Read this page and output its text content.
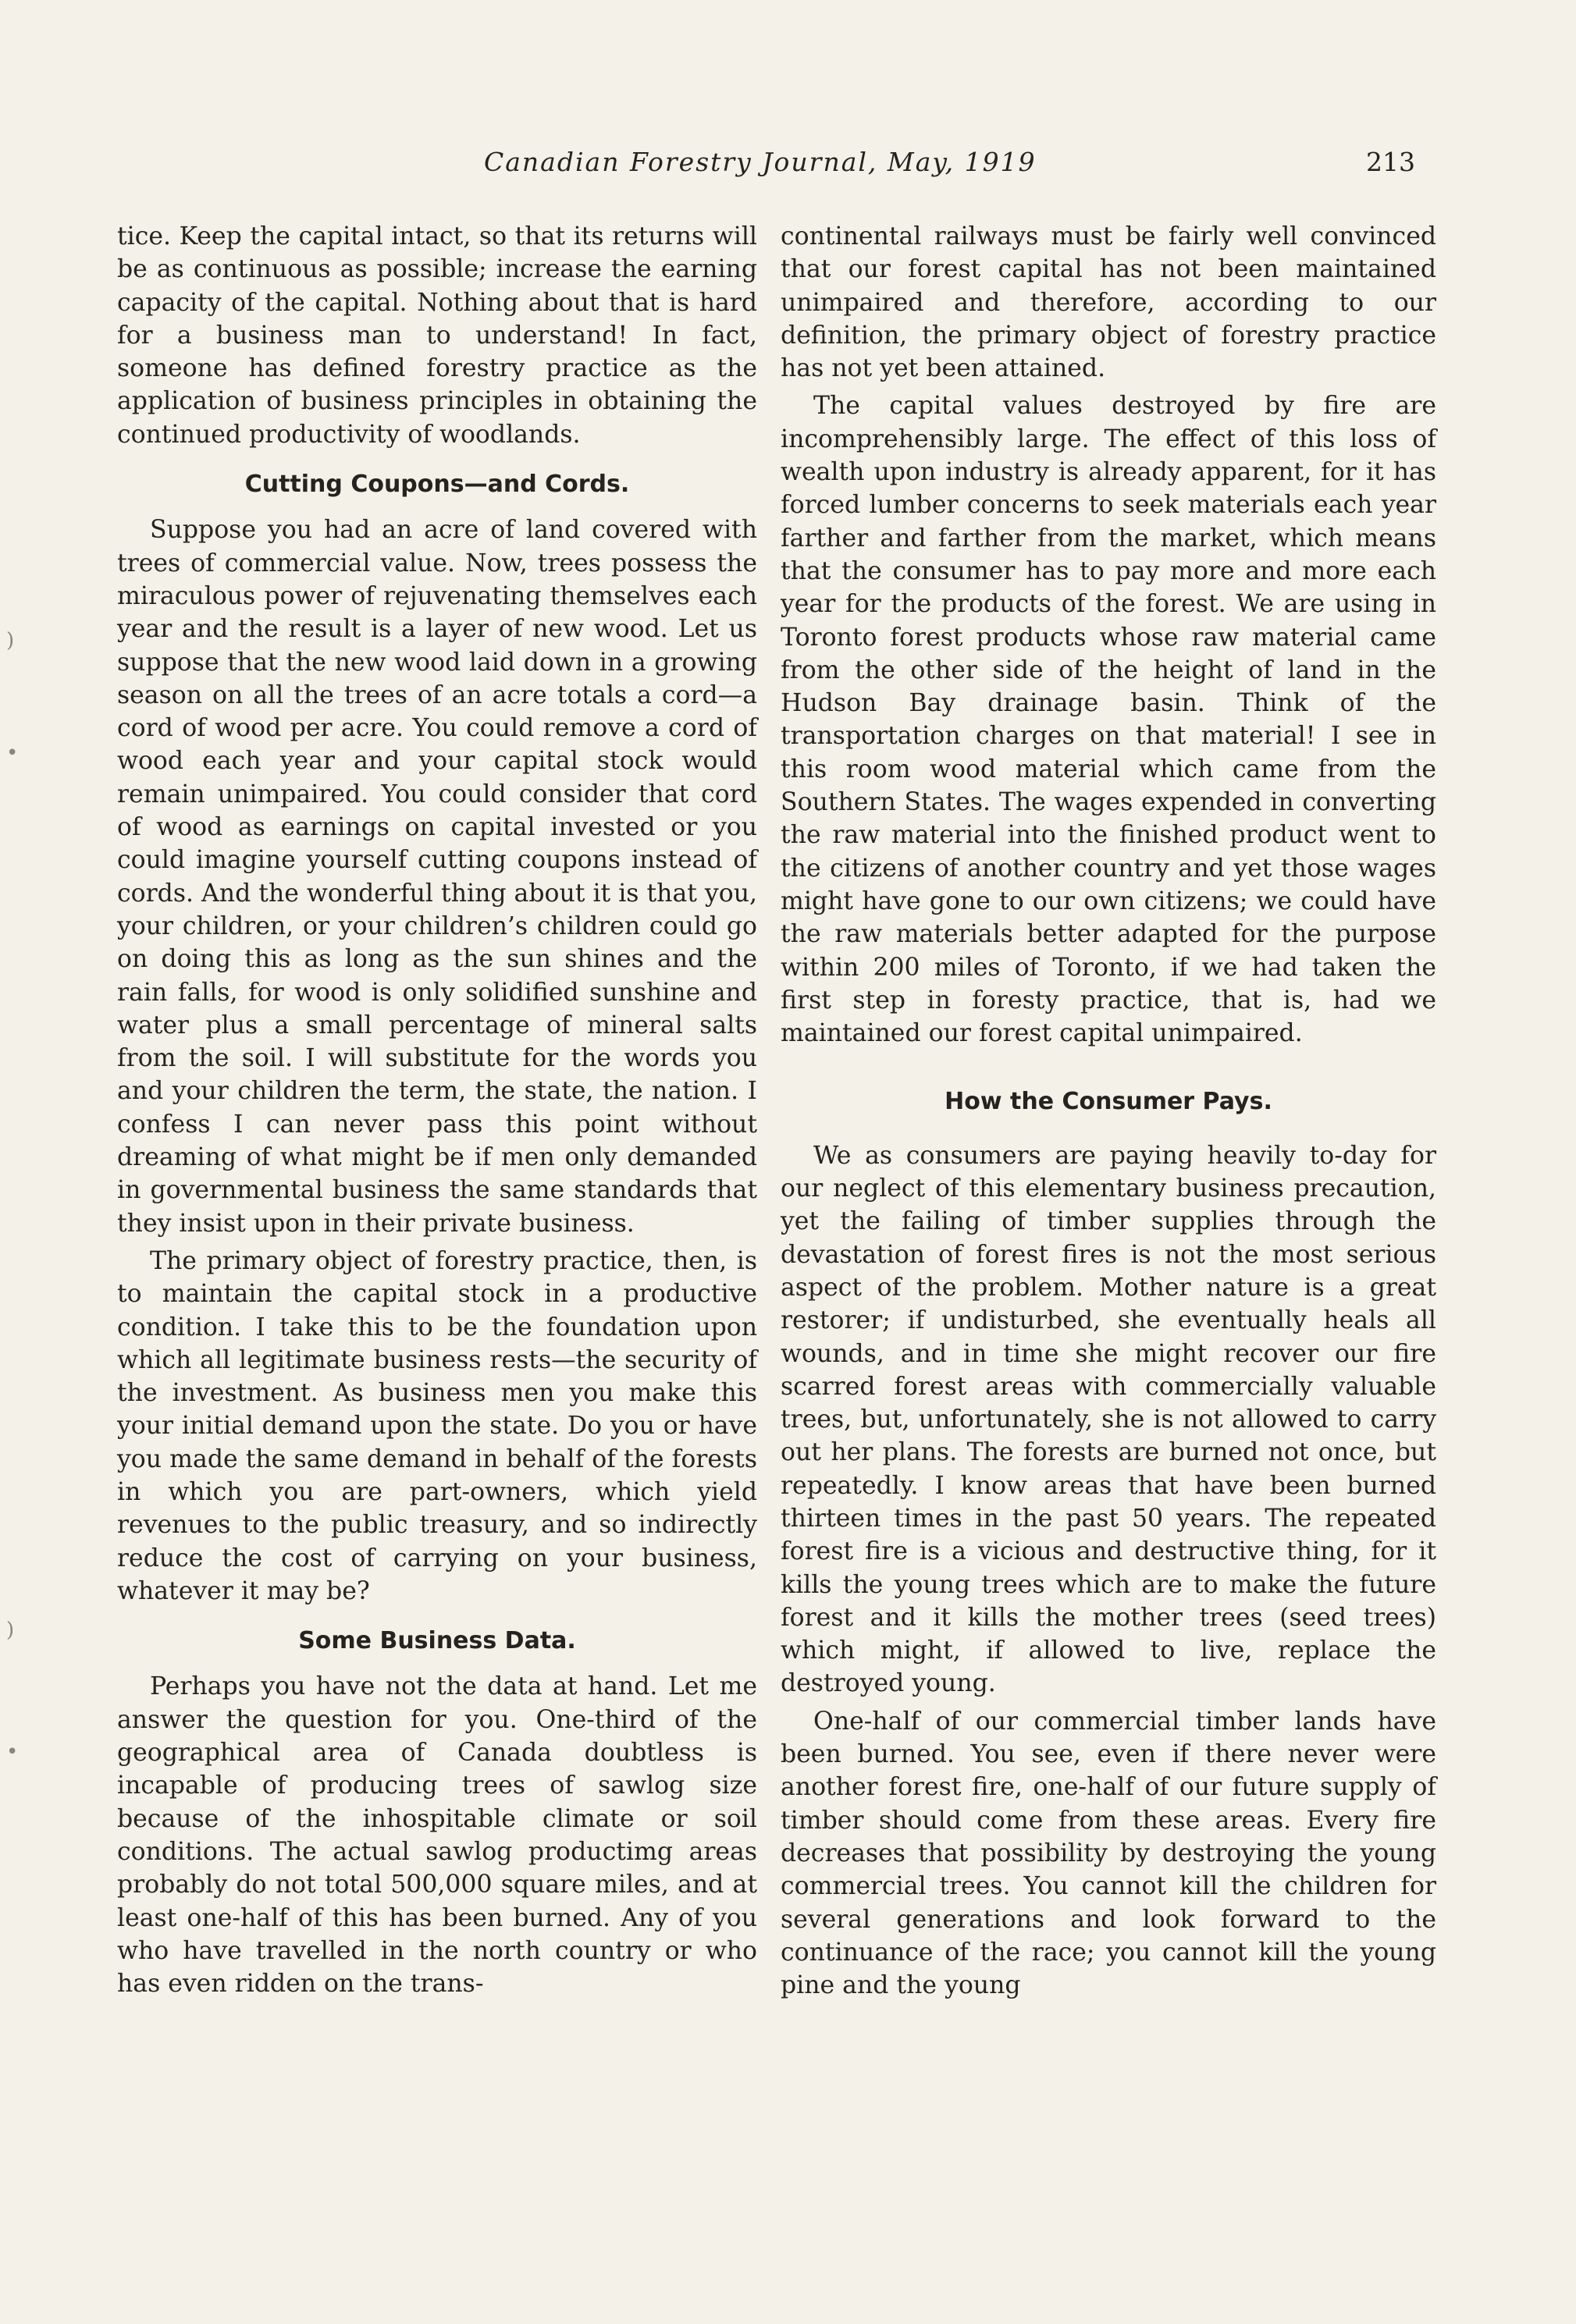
Canadian Forestry Journal, May, 1919	213
)
•
)
•

tice. Keep the capital intact, so that its returns will be as continuous as possible; increase the earning capacity of the capital. Nothing about that is hard for a business man to understand! In fact, someone has defined forestry practice as the application of business principles in obtaining the continued productivity of woodlands.

Cutting Coupons—and Cords.

Suppose you had an acre of land covered with trees of commercial value. Now, trees possess the miraculous power of rejuvenating themselves each year and the result is a layer of new wood. Let us suppose that the new wood laid down in a growing season on all the trees of an acre totals a cord—a cord of wood per acre. You could remove a cord of wood each year and your capital stock would remain unimpaired. You could consider that cord of wood as earnings on capital invested or you could imagine yourself cutting coupons instead of cords. And the wonderful thing about it is that you, your children, or your children’s children could go on doing this as long as the sun shines and the rain falls, for wood is only solidified sunshine and water plus a small percentage of mineral salts from the soil. I will substitute for the words you and your children the term, the state, the nation. I confess I can never pass this point without dreaming of what might be if men only demanded in governmental business the same standards that they insist upon in their private business.

The primary object of forestry practice, then, is to maintain the capital stock in a productive condition. I take this to be the foundation upon which all legitimate business rests—the security of the investment. As business men you make this your initial demand upon the state. Do you or have you made the same demand in behalf of the forests in which you are part-owners, which yield revenues to the public treasury, and so indirectly reduce the cost of carrying on your business, whatever it may be?

Some Business Data.

Perhaps you have not the data at hand. Let me answer the question for you. One-third of the geographical area of Canada doubtless is incapable of producing trees of sawlog size because of the inhospitable climate or soil conditions. The actual sawlog productimg areas probably do not total 500,000 square miles, and at least one-half of this has been burned. Any of you who have travelled in the north country or who has even ridden on the trans-

continental railways must be fairly well convinced that our forest capital has not been maintained unimpaired and therefore, according to our definition, the primary object of forestry practice has not yet been attained.

The capital values destroyed by fire are incomprehensibly large. The effect of this loss of wealth upon industry is already apparent, for it has forced lumber concerns to seek materials each year farther and farther from the market, which means that the consumer has to pay more and more each year for the products of the forest. We are using in Toronto forest products whose raw material came from the other side of the height of land in the Hudson Bay drainage basin. Think of the transportation charges on that material! I see in this room wood material which came from the Southern States. The wages expended in converting the raw material into the finished product went to the citizens of another country and yet those wages might have gone to our own citizens; we could have the raw materials better adapted for the purpose within 200 miles of Toronto, if we had taken the first step in foresty practice, that is, had we maintained our forest capital unimpaired.

How the Consumer Pays.

We as consumers are paying heavily to-day for our neglect of this elementary business precaution, yet the failing of timber supplies through the devastation of forest fires is not the most serious aspect of the problem. Mother nature is a great restorer; if undisturbed, she eventually heals all wounds, and in time she might recover our fire scarred forest areas with commercially valuable trees, but, unfortunately, she is not allowed to carry out her plans. The forests are burned not once, but repeatedly. I know areas that have been burned thirteen times in the past 50 years. The repeated forest fire is a vicious and destructive thing, for it kills the young trees which are to make the future forest and it kills the mother trees (seed trees) which might, if allowed to live, replace the destroyed young.

One-half of our commercial timber lands have been burned. You see, even if there never were another forest fire, one-half of our future supply of timber should come from these areas. Every fire decreases that possibility by destroying the young commercial trees. You cannot kill the children for several generations and look forward to the continuance of the race; you cannot kill the young pine and the young
